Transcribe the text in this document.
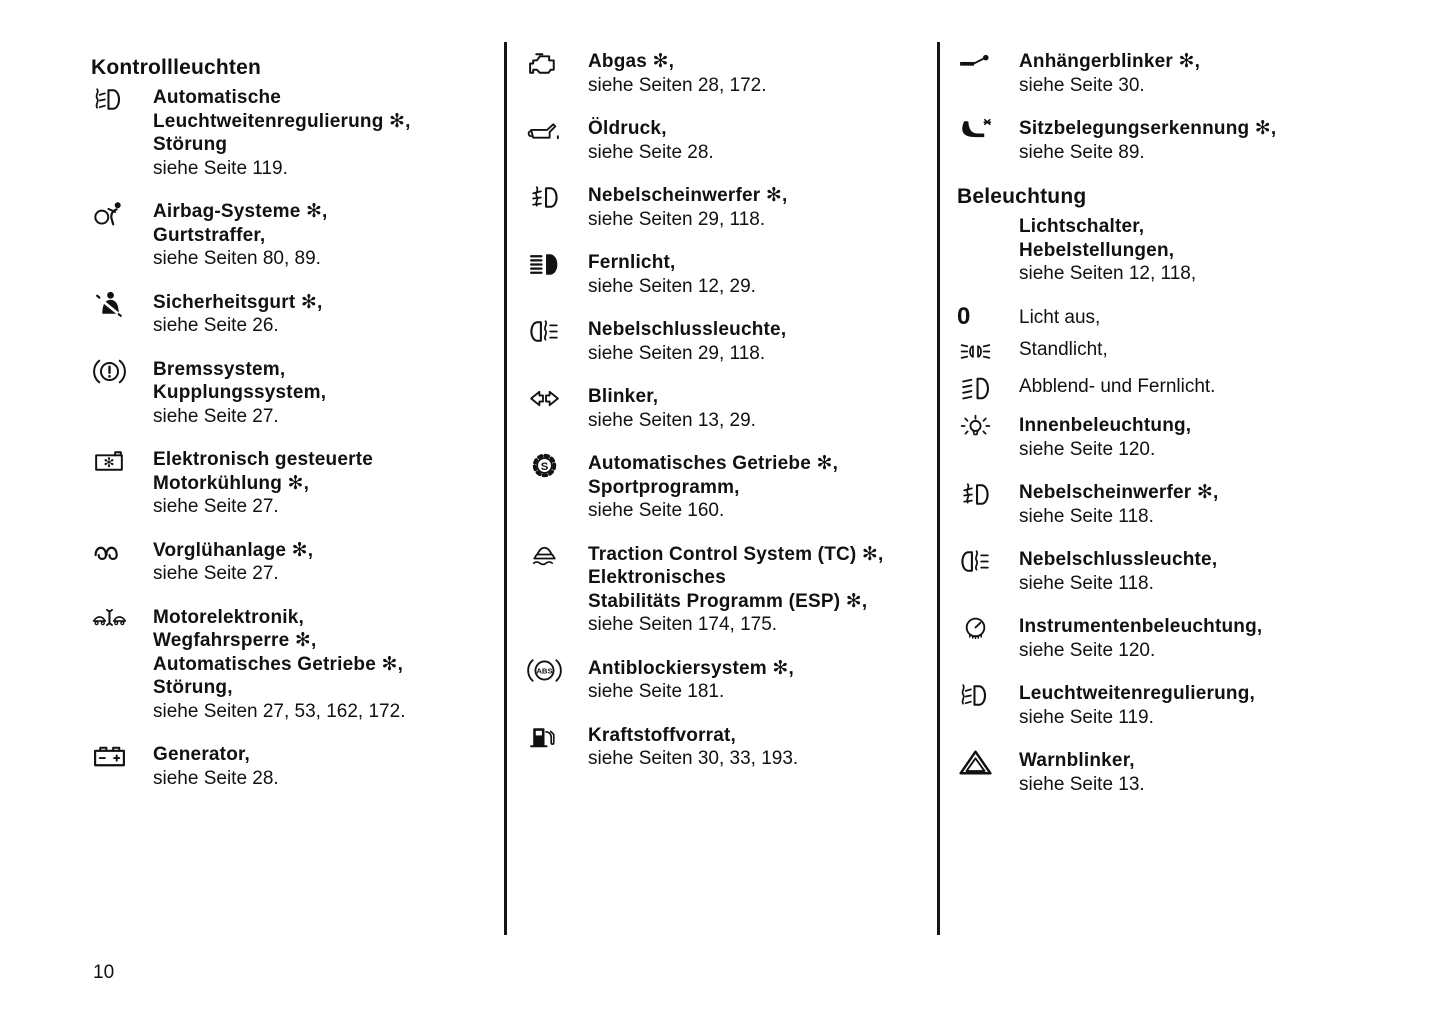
Kontrollleuchten
Automatische
Leuchtweitenregulierung ✻,
Störung
siehe Seite 119.
Airbag-Systeme ✻,
Gurtstraffer,
siehe Seiten 80, 89.
Sicherheitsgurt ✻,
siehe Seite 26.
Bremssystem,
Kupplungssystem,
siehe Seite 27.
✻ Elektronisch gesteuerte
Motorkühlung ✻,
siehe Seite 27.
Vorglühanlage ✻,
siehe Seite 27.
Motorelektronik,
Wegfahrsperre ✻,
Automatisches Getriebe ✻,
Störung,
siehe Seiten 27, 53, 162, 172.
Generator,
siehe Seite 28.
Abgas ✻,
siehe Seiten 28, 172.
Öldruck,
siehe Seite 28.
Nebelscheinwerfer ✻,
siehe Seiten 29, 118.
Fernlicht,
siehe Seiten 12, 29.
Nebelschlussleuchte,
siehe Seiten 29, 118.
Blinker,
siehe Seiten 13, 29.
S Automatisches Getriebe ✻,
Sportprogramm,
siehe Seite 160.
Traction Control System (TC) ✻,
Elektronisches
Stabilitäts Programm (ESP) ✻,
siehe Seiten 174, 175.
ABS Antiblockiersystem ✻,
siehe Seite 181.
Kraftstoffvorrat,
siehe Seiten 30, 33, 193.
Anhängerblinker ✻,
siehe Seite 30.
Sitzbelegungserkennung ✻,
siehe Seite 89.
Beleuchtung
Lichtschalter,
Hebelstellungen,
siehe Seiten 12, 118,
0	Licht aus,
Standlicht,
Abblend- und Fernlicht.
Innenbeleuchtung,
siehe Seite 120.
Nebelscheinwerfer ✻,
siehe Seite 118.
Nebelschlussleuchte,
siehe Seite 118.
Instrumentenbeleuchtung,
siehe Seite 120.
Leuchtweitenregulierung,
siehe Seite 119.
Warnblinker,
siehe Seite 13.
10
